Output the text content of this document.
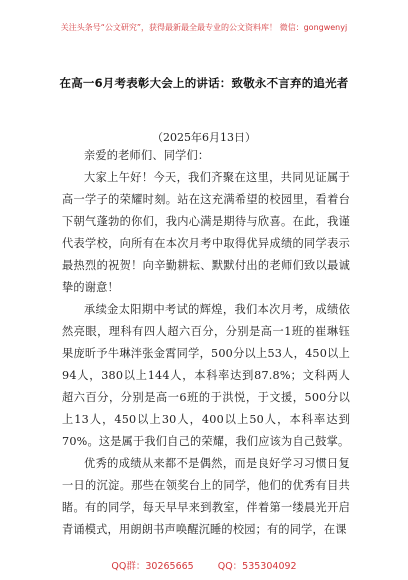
关注头条号“公文研究”，获得最新最全最专业的公文资料库！ 微信：gongwenyj
在高一6月考表彰大会上的讲话：致敬永不言弃的追光者
（2025年6月13日）

亲爱的老师们、同学们：

大家上午好！今天，我们齐聚在这里，共同见证属于高一学子的荣耀时刻。站在这充满希望的校园里，看着台下朝气蓬勃的你们，我内心满是期待与欣喜。在此，我谨代表学校，向所有在本次月考中取得优异成绩的同学表示最热烈的祝贺！向辛勤耕耘、默默付出的老师们致以最诚挚的谢意！

承续金太阳期中考试的辉煌，我们本次月考，成绩依然亮眼，理科有四人超六百分，分别是高一1班的崔琳钰果庞昕予牛琳泮张金霄同学，500分以上53人，450以上94人，380以上144人，本科率达到87.8%；文科两人超六百分，分别是高一6班的于洪悦，于文援，500分以上13人，450以上30人，400以上50人，本科率达到70%。这是属于我们自己的荣耀，我们应该为自己鼓掌。

优秀的成绩从来都不是偶然，而是良好学习习惯日复一日的沉淀。那些在领奖台上的同学，他们的优秀有目共睹。有的同学，每天早早来到教室，伴着第一缕晨光开启青诵模式，用朗朗书声唤醒沉睡的校园；有的同学，在课

QQ群：30265665	QQ：535304092
